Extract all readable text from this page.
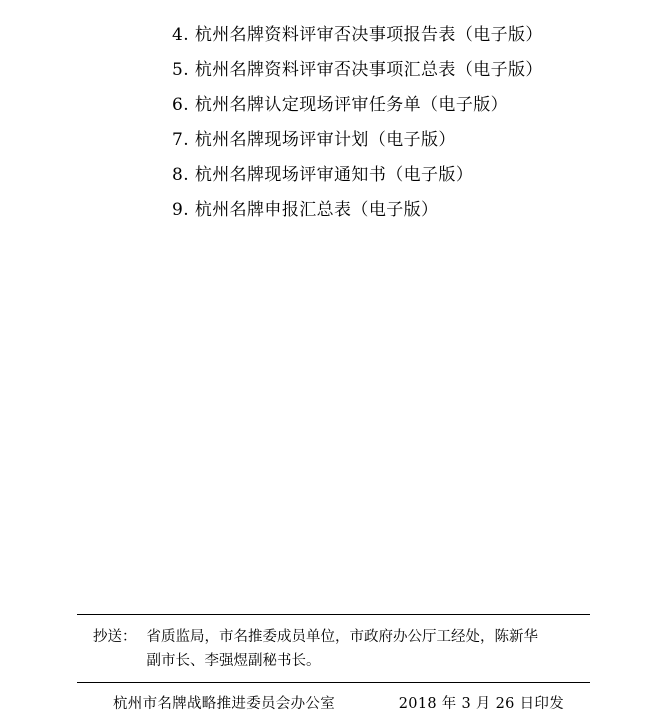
4. 杭州名牌资料评审否决事项报告表（电子版）

5. 杭州名牌资料评审否决事项汇总表（电子版）

6. 杭州名牌认定现场评审任务单（电子版）

7. 杭州名牌现场评审计划（电子版）

8. 杭州名牌现场评审通知书（电子版）

9. 杭州名牌申报汇总表（电子版）

抄送： 省质监局，市名推委成员单位，市政府办公厅工经处，陈新华
副市长、李强煜副秘书长。
杭州市名牌战略推进委员会办公室	2018 年 3 月 26 日印发
